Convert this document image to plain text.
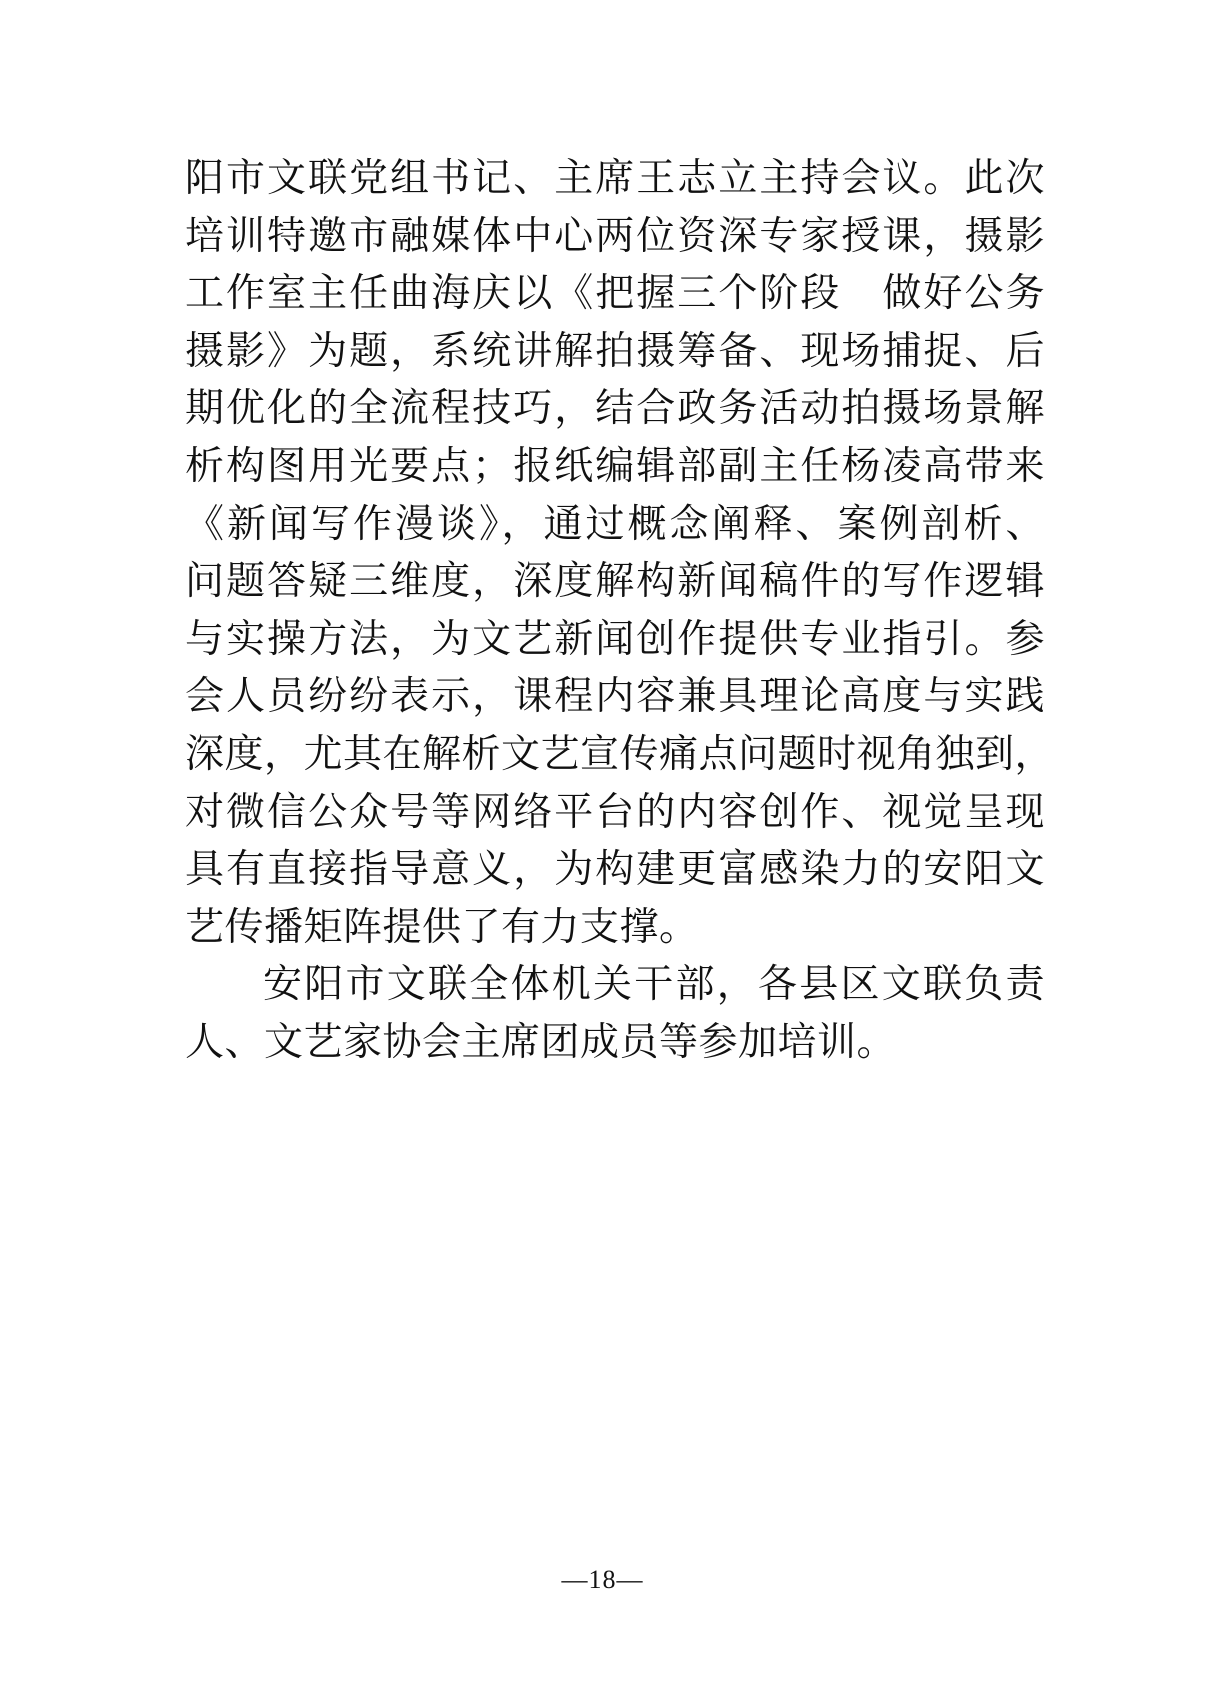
阳市文联党组书记、主席王志立主持会议。此次
培训特邀市融媒体中心两位资深专家授课，摄影
工作室主任曲海庆以《把握三个阶段　做好公务
摄影》为题，系统讲解拍摄筹备、现场捕捉、后
期优化的全流程技巧，结合政务活动拍摄场景解
析构图用光要点；报纸编辑部副主任杨凌高带来
《新闻写作漫谈》，通过概念阐释、案例剖析、
问题答疑三维度，深度解构新闻稿件的写作逻辑
与实操方法，为文艺新闻创作提供专业指引。参
会人员纷纷表示，课程内容兼具理论高度与实践
深度，尤其在解析文艺宣传痛点问题时视角独到，
对微信公众号等网络平台的内容创作、视觉呈现
具有直接指导意义，为构建更富感染力的安阳文
艺传播矩阵提供了有力支撑。
安阳市文联全体机关干部，各县区文联负责
人、文艺家协会主席团成员等参加培训。
—18—
